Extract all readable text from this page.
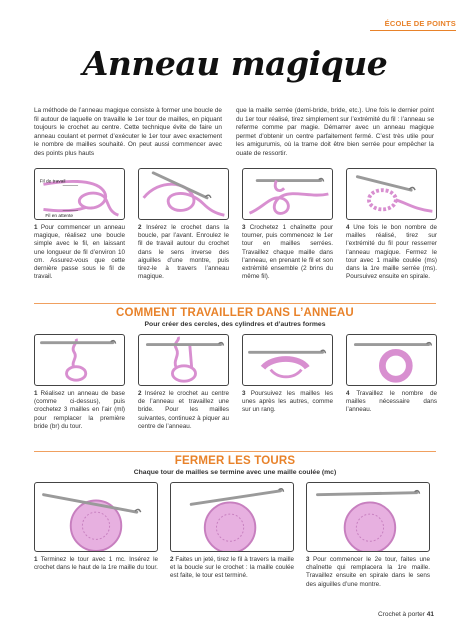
ÉCOLE DE POINTS
Anneau magique
La méthode de l’anneau magique consiste à former une boucle de fil autour de laquelle on travaille le 1er tour de mailles, en piquant toujours le crochet au centre. Cette technique évite de faire un anneau coulant et permet d’exécuter le 1er tour avec exactement le nombre de mailles souhaité. On peut aussi commencer avec des points plus hauts
que la maille serrée (demi-bride, bride, etc.). Une fois le dernier point du 1er tour réalisé, tirez simplement sur l’extrémité du fil : l’anneau se referme comme par magie. Démarrer avec un anneau magique permet d’obtenir un centre parfaitement fermé. C’est très utile pour les amigurumis, où la trame doit être bien serrée pour empêcher la ouate de ressortir.
Fil de travail
Fil en attente
1 Pour commencer un anneau magique, réalisez une boucle simple avec le fil, en laissant une longueur de fil d’environ 10 cm. Assurez-vous que cette dernière passe sous le fil de travail.
2 Insérez le crochet dans la boucle, par l’avant. Enroulez le fil de travail autour du crochet dans le sens inverse des aiguilles d’une montre, puis tirez-le à travers l’anneau magique.
3 Crochetez 1 chaînette pour tourner, puis commencez le 1er tour en mailles serrées. Travaillez chaque maille dans l’anneau, en prenant le fil et son extrémité ensemble (2 brins du même fil).
4 Une fois le bon nombre de mailles réalisé, tirez sur l’extrémité du fil pour resserrer l’anneau magique. Fermez le tour avec 1 maille coulée (ms) dans la 1re maille serrée (ms). Poursuivez ensuite en spirale.
COMMENT TRAVAILLER DANS L’ANNEAU
Pour créer des cercles, des cylindres et d’autres formes
1 Réalisez un anneau de base (comme ci-dessus), puis crochetez 3 mailles en l’air (ml) pour remplacer la première bride (br) du tour.
2 Insérez le crochet au centre de l’anneau et travaillez une bride. Pour les mailles suivantes, continuez à piquer au centre de l’anneau.
3 Poursuivez les mailles les unes après les autres, comme sur un rang.
4 Travaillez le nombre de mailles nécessaire dans l’anneau.
FERMER LES TOURS
Chaque tour de mailles se termine avec une maille coulée (mc)
1 Terminez le tour avec 1 mc. Insérez le crochet dans le haut de la 1re maille du tour.
2 Faites un jeté, tirez le fil à travers la maille et la boucle sur le crochet : la maille coulée est faite, le tour est terminé.
3 Pour commencer le 2e tour, faites une chaînette qui remplacera la 1re maille. Travaillez ensuite en spirale dans le sens des aiguilles d’une montre.
Crochet à porter 41
